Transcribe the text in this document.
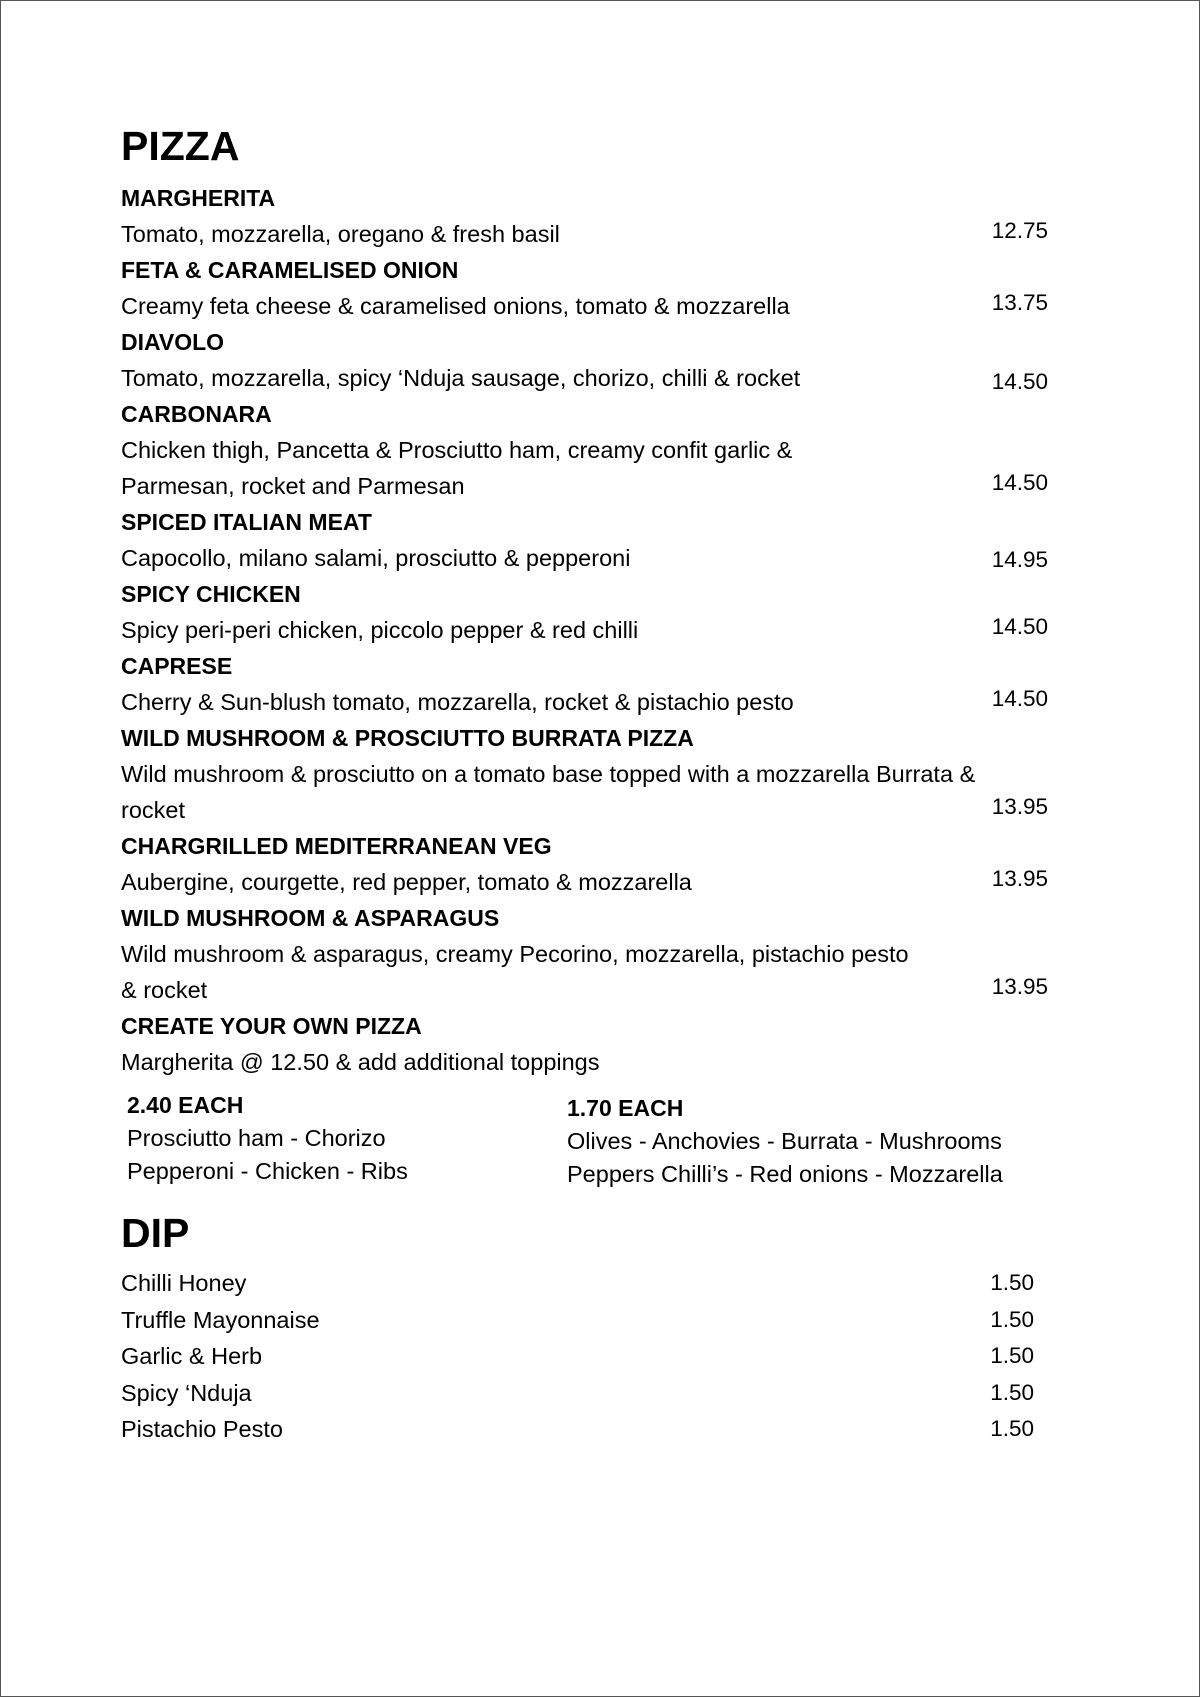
PIZZA
MARGHERITA
Tomato, mozzarella, oregano & fresh basil	12.75
FETA & CARAMELISED ONION
Creamy feta cheese & caramelised onions, tomato & mozzarella	13.75
DIAVOLO
Tomato, mozzarella, spicy ‘Nduja sausage, chorizo, chilli & rocket	14.50
CARBONARA
Chicken thigh, Pancetta & Prosciutto ham, creamy confit garlic & Parmesan, rocket and Parmesan	14.50
SPICED ITALIAN MEAT
Capocollo, milano salami, prosciutto & pepperoni	14.95
SPICY CHICKEN
Spicy peri-peri chicken, piccolo pepper & red chilli	14.50
CAPRESE
Cherry & Sun-blush tomato, mozzarella, rocket & pistachio pesto	14.50
WILD MUSHROOM & PROSCIUTTO BURRATA PIZZA
Wild mushroom & prosciutto on a tomato base topped with a mozzarella Burrata & rocket	13.95
CHARGRILLED MEDITERRANEAN VEG
Aubergine, courgette, red pepper, tomato & mozzarella	13.95
WILD MUSHROOM & ASPARAGUS
Wild mushroom & asparagus, creamy Pecorino, mozzarella, pistachio pesto & rocket	13.95
CREATE YOUR OWN PIZZA
Margherita @ 12.50 & add additional toppings
2.40 EACH
Prosciutto ham - Chorizo
Pepperoni - Chicken - Ribs
1.70 EACH
Olives - Anchovies - Burrata - Mushrooms
Peppers Chilli’s - Red onions - Mozzarella
DIP
Chilli Honey	1.50
Truffle Mayonnaise	1.50
Garlic & Herb	1.50
Spicy ‘Nduja	1.50
Pistachio Pesto	1.50
